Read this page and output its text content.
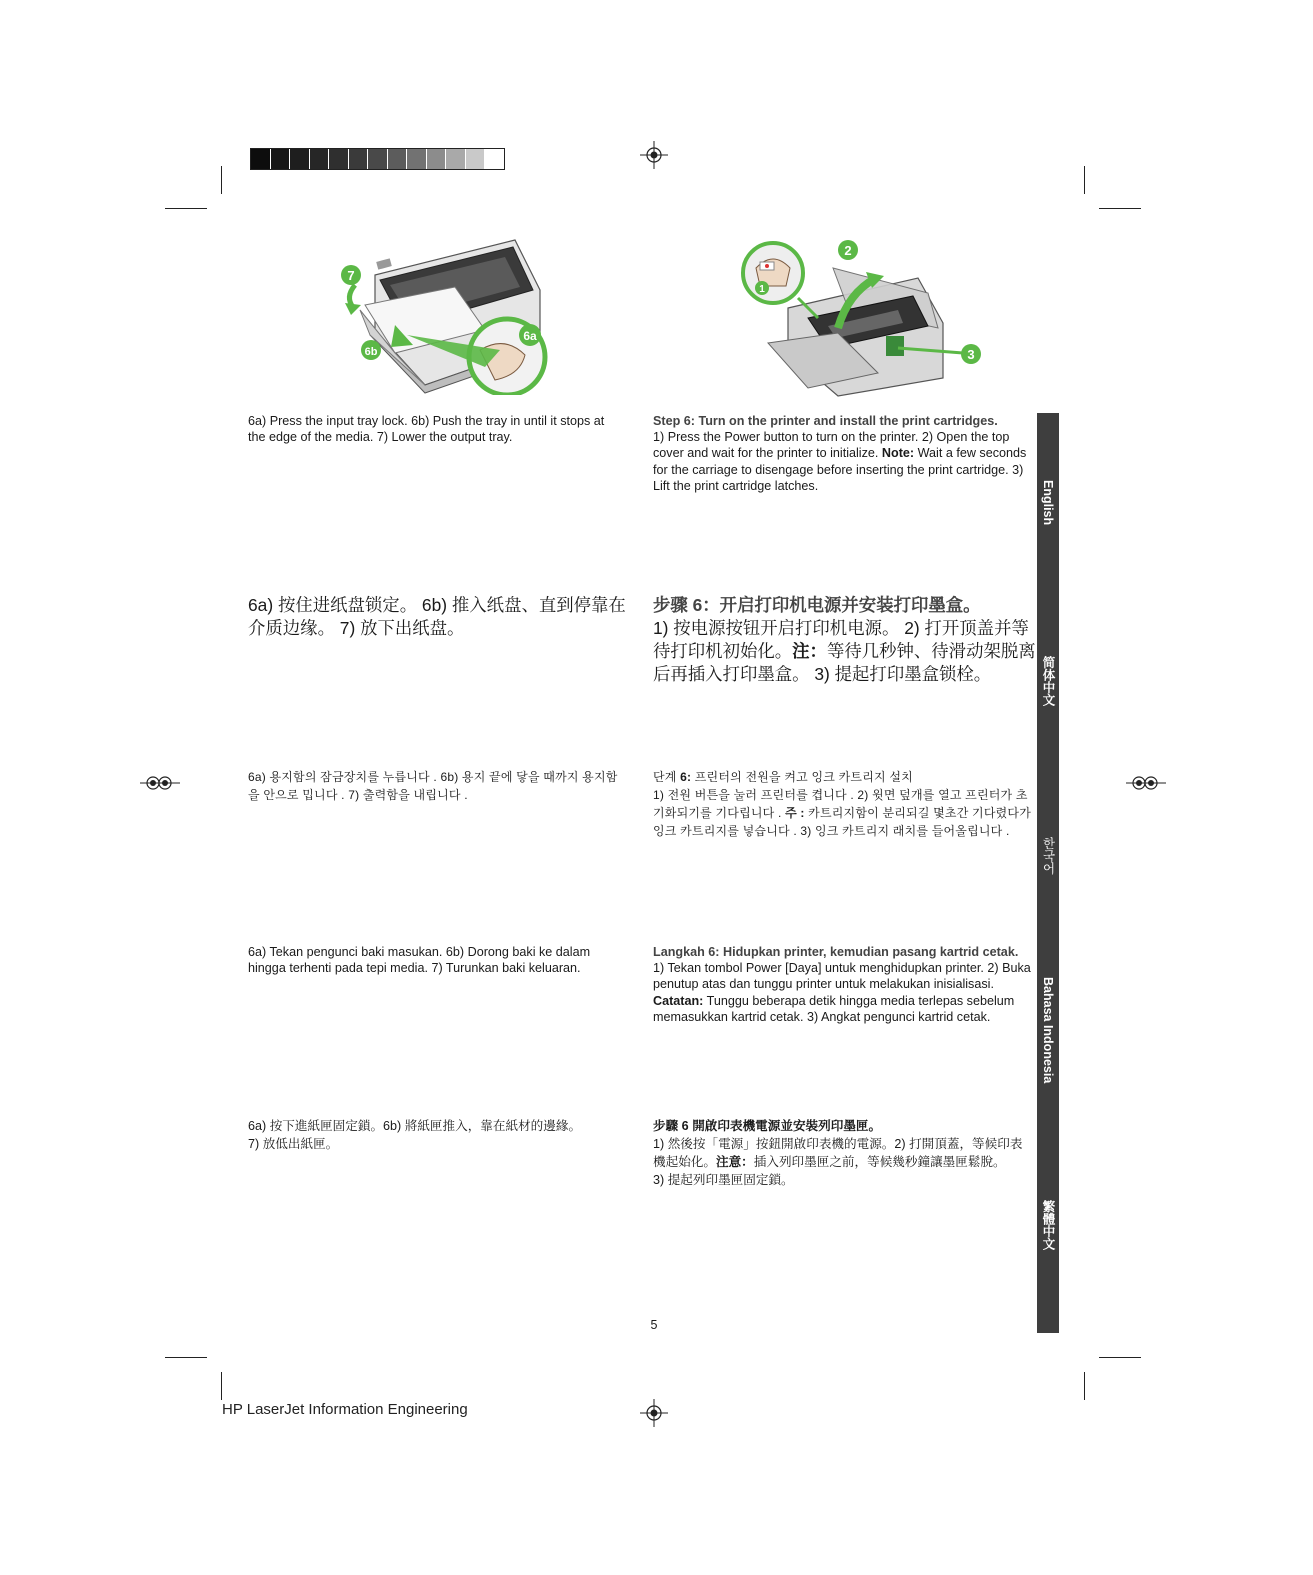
7
6a
6b
1
2
3
6a) Press the input tray lock. 6b) Push the tray in until it stops at the edge of the media. 7) Lower the output tray.
Step 6: Turn on the printer and install the print cartridges.
1) Press the Power button to turn on the printer. 2) Open the top cover and wait for the printer to initialize. Note: Wait a few seconds for the carriage to disengage before inserting the print cartridge. 3) Lift the print cartridge latches.
6a) 按住进纸盘锁定。 6b) 推入纸盘、直到停靠在介质边缘。 7) 放下出纸盘。
步骤 6：开启打印机电源并安装打印墨盒。
1) 按电源按钮开启打印机电源。 2) 打开顶盖并等待打印机初始化。注：等待几秒钟、待滑动架脱离后再插入打印墨盒。 3) 提起打印墨盒锁栓。
6a) 용지함의 잠금장치를 누릅니다 . 6b) 용지 끝에 닿을 때까지 용지함을 안으로 밉니다 . 7) 출력함을 내립니다 .
단계 6: 프린터의 전원을 켜고 잉크 카트리지 설치
1) 전원 버튼을 눌러 프린터를 켭니다 . 2) 윗면 덮개를 열고 프린터가 초기화되기를 기다립니다 . 주 : 카트리지함이 분리되길 몇초간 기다렸다가 잉크 카트리지를 넣습니다 . 3) 잉크 카트리지 래치를 들어올립니다 .
6a) Tekan pengunci baki masukan. 6b) Dorong baki ke dalam hingga terhenti pada tepi media. 7) Turunkan baki keluaran.
Langkah 6: Hidupkan printer, kemudian pasang kartrid cetak.
1) Tekan tombol Power [Daya] untuk menghidupkan printer. 2) Buka penutup atas dan tunggu printer untuk melakukan inisialisasi. Catatan: Tunggu beberapa detik hingga media terlepas sebelum memasukkan kartrid cetak. 3) Angkat pengunci kartrid cetak.
6a) 按下進紙匣固定鎖。6b) 將紙匣推入，靠在紙材的邊緣。
7) 放低出紙匣。
步驟 6 開啟印表機電源並安裝列印墨匣。
1) 然後按「電源」按鈕開啟印表機的電源。2) 打開頂蓋，等候印表機起始化。注意：插入列印墨匣之前，等候幾秒鐘讓墨匣鬆脫。
3) 提起列印墨匣固定鎖。
English
简体中文
한국어
Bahasa Indonesia
繁體中文
5
HP LaserJet Information Engineering
